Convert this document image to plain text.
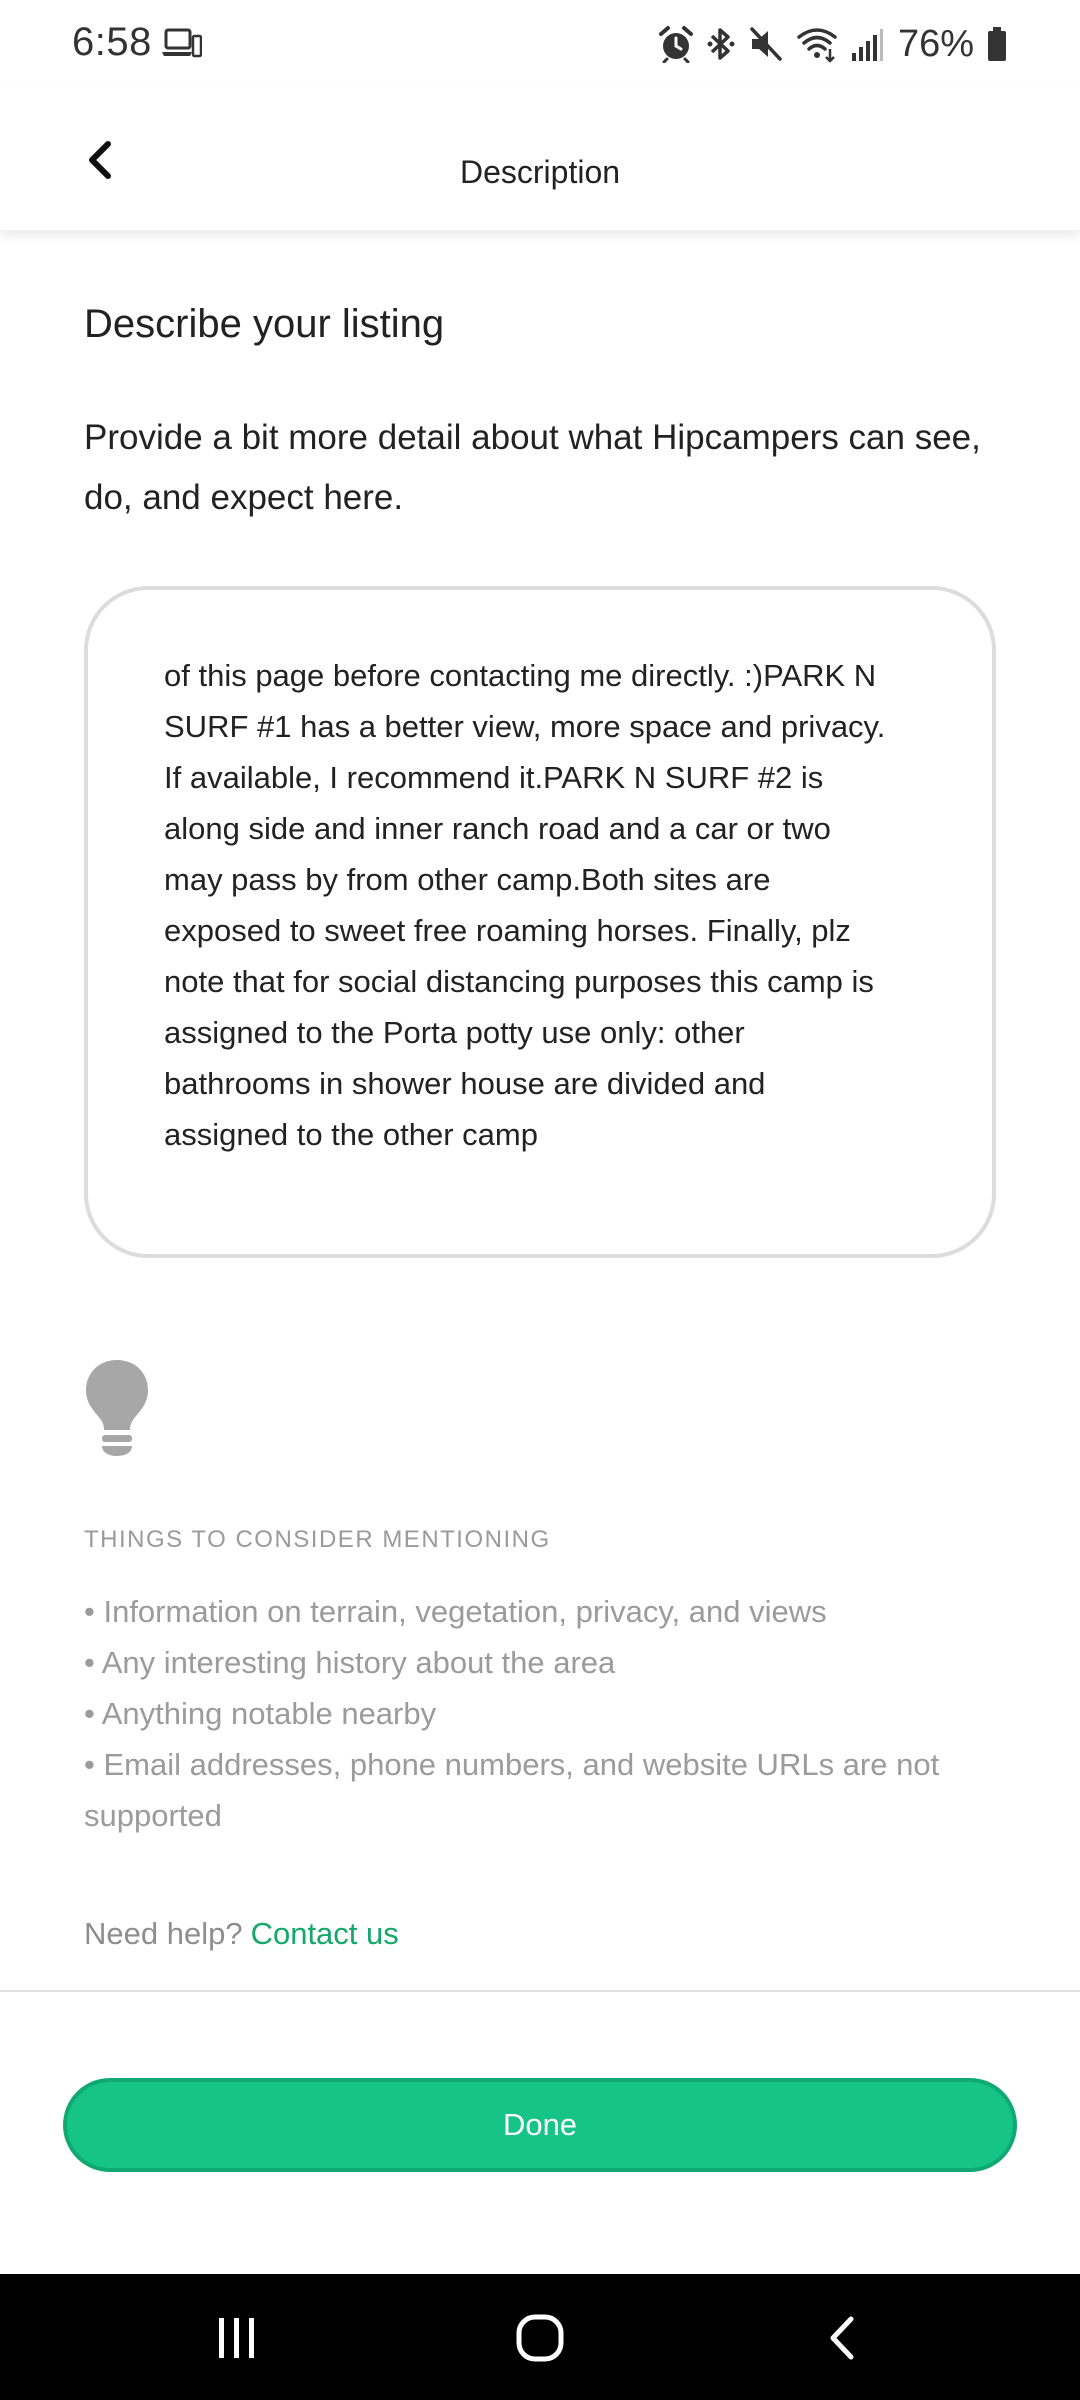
6:58	76%
Description
Describe your listing
Provide a bit more detail about what Hipcampers can see, do, and expect here.
of this page before contacting me directly. :)PARK N SURF #1 has a better view, more space and privacy. If available, I recommend it.PARK N SURF #2 is along side and inner ranch road and a car or two may pass by from other camp.Both sites are exposed to sweet free roaming horses. Finally, plz note that for social distancing purposes this camp is assigned to the Porta potty use only: other bathrooms in shower house are divided and assigned to the other camp
THINGS TO CONSIDER MENTIONING
• Information on terrain, vegetation, privacy, and views
• Any interesting history about the area
• Anything notable nearby
• Email addresses, phone numbers, and website URLs are not supported
Need help? Contact us
Done
